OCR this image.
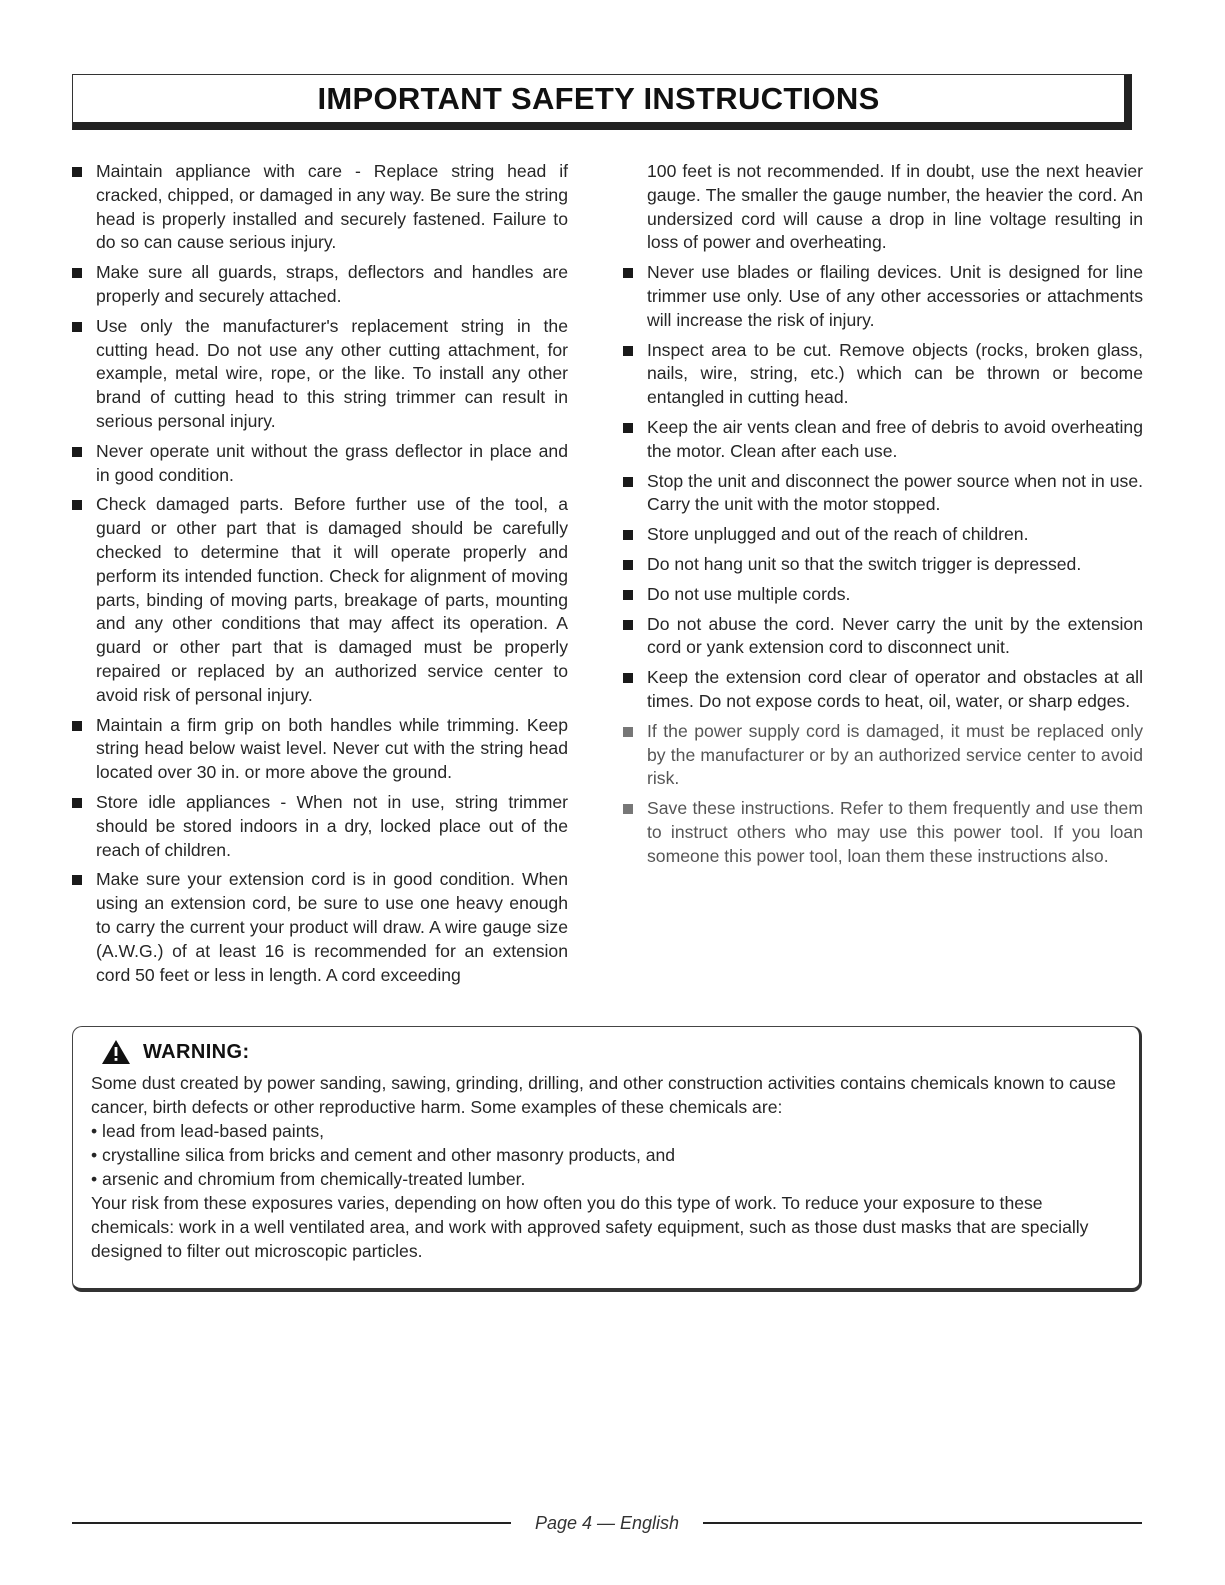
IMPORTANT SAFETY INSTRUCTIONS
Maintain appliance with care - Replace string head if cracked, chipped, or damaged in any way. Be sure the string head is properly installed and securely fastened. Failure to do so can cause serious injury.
Make sure all guards, straps, deflectors and handles are properly and securely attached.
Use only the manufacturer's replacement string in the cutting head. Do not use any other cutting attachment, for example, metal wire, rope, or the like. To install any other brand of cutting head to this string trimmer can result in serious personal injury.
Never operate unit without the grass deflector in place and in good condition.
Check damaged parts. Before further use of the tool, a guard or other part that is damaged should be carefully checked to determine that it will operate properly and perform its intended function. Check for alignment of moving parts, binding of moving parts, breakage of parts, mounting and any other conditions that may affect its operation. A guard or other part that is damaged must be properly repaired or replaced by an authorized service center to avoid risk of personal injury.
Maintain a firm grip on both handles while trimming. Keep string head below waist level. Never cut with the string head located over 30 in. or more above the ground.
Store idle appliances - When not in use, string trimmer should be stored indoors in a dry, locked place out of the reach of children.
Make sure your extension cord is in good condition. When using an extension cord, be sure to use one heavy enough to carry the current your product will draw. A wire gauge size (A.W.G.) of at least 16 is recommended for an extension cord 50 feet or less in length. A cord exceeding
100 feet is not recommended. If in doubt, use the next heavier gauge. The smaller the gauge number, the heavier the cord. An undersized cord will cause a drop in line voltage resulting in loss of power and overheating.
Never use blades or flailing devices. Unit is designed for line trimmer use only. Use of any other accessories or attachments will increase the risk of injury.
Inspect area to be cut. Remove objects (rocks, broken glass, nails, wire, string, etc.) which can be thrown or become entangled in cutting head.
Keep the air vents clean and free of debris to avoid overheating the motor. Clean after each use.
Stop the unit and disconnect the power source when not in use. Carry the unit with the motor stopped.
Store unplugged and out of the reach of children.
Do not hang unit so that the switch trigger is depressed.
Do not use multiple cords.
Do not abuse the cord. Never carry the unit by the extension cord or yank extension cord to disconnect unit.
Keep the extension cord clear of operator and obstacles at all times. Do not expose cords to heat, oil, water, or sharp edges.
If the power supply cord is damaged, it must be replaced only by the manufacturer or by an authorized service center to avoid risk.
Save these instructions. Refer to them frequently and use them to instruct others who may use this power tool. If you loan someone this power tool, loan them these instructions also.
WARNING:

Some dust created by power sanding, sawing, grinding, drilling, and other construction activities contains chemicals known to cause cancer, birth defects or other reproductive harm. Some examples of these chemicals are:

• lead from lead-based paints,
• crystalline silica from bricks and cement and other masonry products, and
• arsenic and chromium from chemically-treated lumber.

Your risk from these exposures varies, depending on how often you do this type of work. To reduce your exposure to these chemicals: work in a well ventilated area, and work with approved safety equipment, such as those dust masks that are specially designed to filter out microscopic particles.

Page 4 — English
